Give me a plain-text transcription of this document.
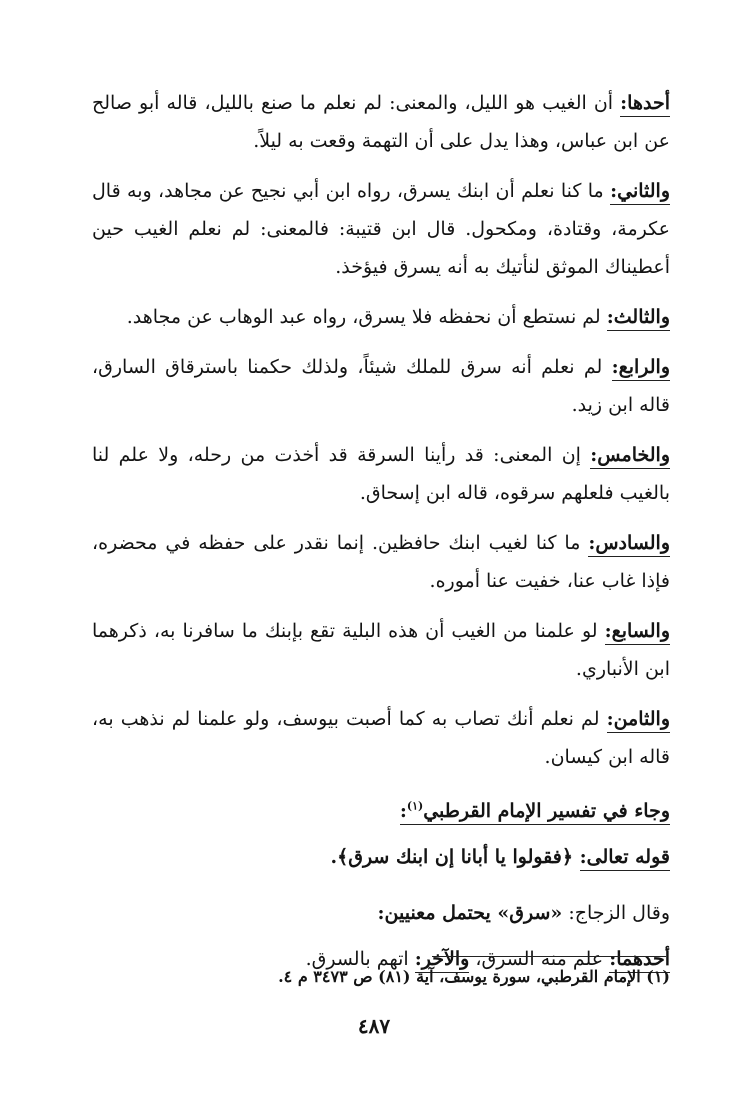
أحدها: أن الغيب هو الليل، والمعنى: لم نعلم ما صنع بالليل، قاله أبو صالح عن ابن عباس، وهذا يدل على أن التهمة وقعت به ليلاً.

والثاني: ما كنا نعلم أن ابنك يسرق، رواه ابن أبي نجيح عن مجاهد، وبه قال عكرمة، وقتادة، ومكحول. قال ابن قتيبة: فالمعنى: لم نعلم الغيب حين أعطيناك الموثق لنأتيك به أنه يسرق فيؤخذ.

والثالث: لم نستطع أن نحفظه فلا يسرق، رواه عبد الوهاب عن مجاهد.

والرابع: لم نعلم أنه سرق للملك شيئاً، ولذلك حكمنا باسترقاق السارق، قاله ابن زيد.

والخامس: إن المعنى: قد رأينا السرقة قد أخذت من رحله، ولا علم لنا بالغيب فلعلهم سرقوه، قاله ابن إسحاق.

والسادس: ما كنا لغيب ابنك حافظين. إنما نقدر على حفظه في محضره، فإذا غاب عنا، خفيت عنا أموره.

والسابع: لو علمنا من الغيب أن هذه البلية تقع بإبنك ما سافرنا به، ذكرهما ابن الأنباري.

والثامن: لم نعلم أنك تصاب به كما أصبت بيوسف، ولو علمنا لم نذهب به، قاله ابن كيسان.

وجاء في تفسير الإمام القرطبي$^{(١)}$:

قوله تعالى: ﴿فقولوا يا أبانا إن ابنك سرق﴾.

وقال الزجاج: «سرق» يحتمل معنيين:

أحدهما: علم منه السرق، والآخر: اتهم بالسرق.

(١) الإمام القرطبي، سورة يوسف، آية (٨١) ص ٣٤٧٣ م ٤.
٤٨٧
